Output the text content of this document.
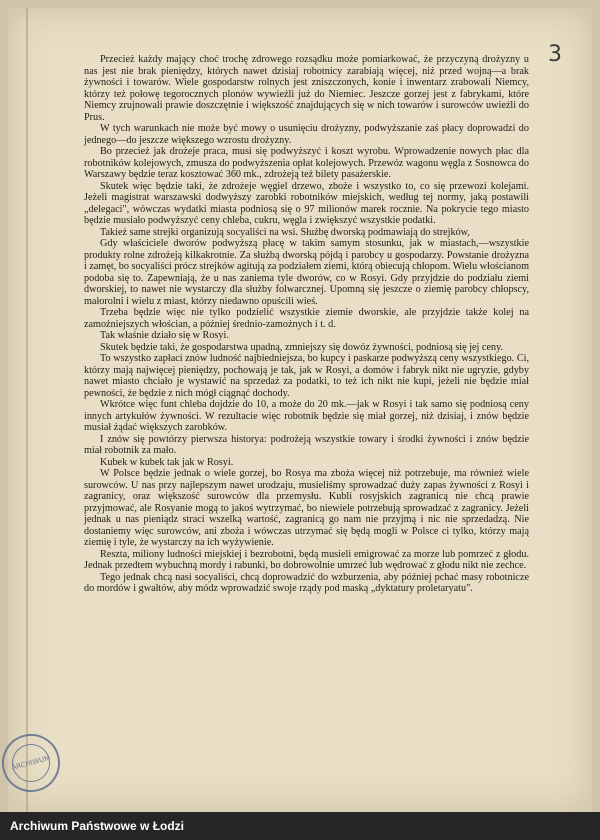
3

Przecież każdy mający choć trochę zdrowego rozsądku może pomiarkować, że przyczyną drożyzny u nas jest nie brak pieniędzy, których nawet dzisiaj robotnicy zarabiają więcej, niż przed wojną—a brak żywności i towarów. Wiele gospodarstw rolnych jest zniszczonych, konie i inwentarz zrabowali Niemcy, którzy też połowę tegorocznych plonów wywieźli już do Niemiec. Jeszcze gorzej jest z fabrykami, które Niemcy zrujnowali prawie doszczętnie i większość znajdujących się w nich towarów i surowców uwieźli do Prus.

W tych warunkach nie może być mowy o usunięciu drożyzny, podwyższanie zaś płacy doprowadzi do jednego—do jeszcze większego wzrostu drożyzny.

Bo przecież jak drożeje praca, musi się podwyższyć i koszt wyrobu. Wprowadzenie nowych płac dla robotników kolejowych, zmusza do podwyższenia opłat kolejowych. Przewóz wagonu węgla z Sosnowca do Warszawy będzie teraz kosztować 360 mk., zdrożeją też bilety pasażerskie.

Skutek więc będzie taki, że zdrożeje węgiel drzewo, zboże i wszystko to, co się przewozi kolejami. Jeżeli magistrat warszawski dodwyższy zarobki robotników miejskich, według tej normy, jaką postawili „delegaci", wówczas wydatki miasta podniosą się o 97 milionów marek rocznie. Na pokrycie tego miasto będzie musiało podwyższyć ceny chleba, cukru, węgla i zwiększyć wszystkie podatki.

Takież same strejki organizują socyaliści na wsi. Służbę dworską podmawiają do strejków,

Gdy właściciele dworów podwyższą płacę w takim samym stosunku, jak w miastach,—wszystkie produkty rolne zdrożeją kilkakrotnie. Za służbą dworską pójdą i parobcy u gospodarzy. Powstanie drożyzna i zamęt, bo socyaliści prócz strejków agitują za podziałem ziemi, którą obiecują chłopom. Wielu włościanom podoba się to. Zapewniają, że u nas zaniema tyle dworów, co w Rosyi. Gdy przyjdzie do podziału ziemi dworskiej, to nawet nie wystarczy dla służby folwarcznej. Upomną się jeszcze o ziemię parobcy chłopscy, małorolni i wielu z miast, którzy niedawno opuścili wieś.

Trzeba będzie więc nie tylko podzielić wszystkie ziemie dworskie, ale przyjdzie także kolej na zamożniejszych włościan, a później średnio-zamożnych i t. d.

Tak właśnie działo się w Rosyi.

Skutek będzie taki, że gospodarstwa upadną, zmniejszy się dowóz żywności, podniosą się jej ceny.

To wszystko zapłaci znów ludność najbiedniejsza, bo kupcy i paskarze podwyższą ceny wszystkiego. Ci, którzy mają najwięcej pieniędzy, pochowają je tak, jak w Rosyi, a domów i fabryk nikt nie ugryzie, gdyby nawet miasto chciało je wystawić na sprzedaż za podatki, to też ich nikt nie kupi, jeżeli nie będzie miał pewności, że będzie z nich mógł ciągnąć dochody.

Wkrótce więc funt chleba dojdzie do 10, a może do 20 mk.—jak w Rosyi i tak samo się podniosą ceny innych artykułów żywności. W rezultacie więc robotnik będzie się miał gorzej, niż dzisiaj, i znów będzie musiał żądać większych zarobków.

I znów się powtórzy pierwsza historya: podrożeją wszystkie towary i środki żywności i znów będzie miał robotnik za mało.

Kubek w kubek tak jak w Rosyi.

W Polsce będzie jednak o wiele gorzej, bo Rosya ma zboża więcej niż potrzebuje, ma również wiele surowców. U nas przy najlepszym nawet urodzaju, musieliśmy sprowadzać duży zapas żywności z Rosyi i zagranicy, oraz większość surowców dla przemysłu. Kubli rosyjskich zagranicą nie chcą prawie przyjmować, ale Rosyanie mogą to jakoś wytrzymać, bo niewiele potrzebują sprowadzać z zagranicy. Jeżeli jednak u nas pieniądz straci wszelką wartość, zagranicą go nam nie przyjmą i nic nie sprzedadzą. Nie dostaniemy więc surowców, ani zboża i wówczas utrzymać się będą mogli w Polsce ci tylko, którzy mają ziemię i tyle, że wystarczy na ich wyżywienie.

Reszta, miliony ludności miejskiej i bezrobotni, będą musieli emigrować za morze lub pomrzeć z głodu. Jednak przedtem wybuchną mordy i rabunki, bo dobrowolnie umrzeć lub wędrować z głodu nikt nie zechce.

Tego jednak chcą nasi socyaliści, chcą doprowadzić do wzburzenia, aby później pchać masy robotnicze do mordów i gwałtów, aby módz wprowadzić swoje rządy pod maską „dyktatury proletaryatu".

ARCHIWUM
Archiwum Państwowe w Łodzi
